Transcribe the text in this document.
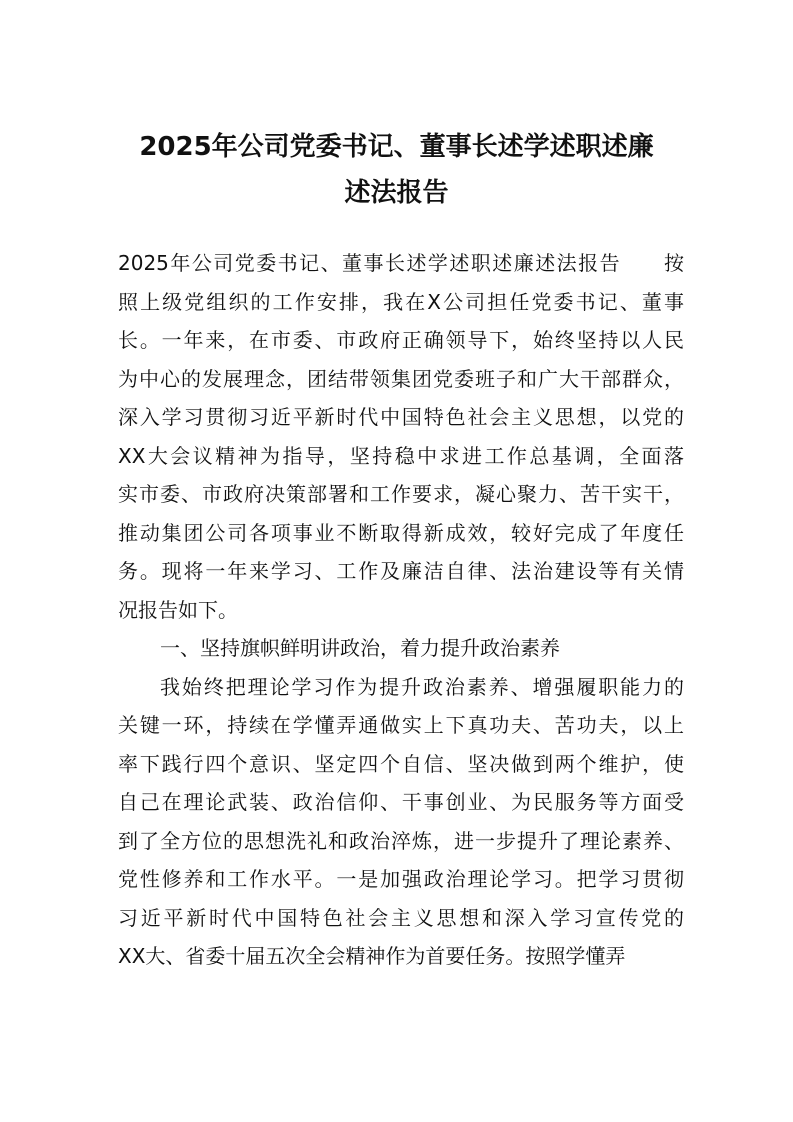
2025年公司党委书记、董事长述学述职述廉
述法报告
2025年公司党委书记、董事长述学述职述廉述法报告　　按
照上级党组织的工作安排，我在X公司担任党委书记、董事
长。一年来，在市委、市政府正确领导下，始终坚持以人民
为中心的发展理念，团结带领集团党委班子和广大干部群众，
深入学习贯彻习近平新时代中国特色社会主义思想，以党的
XX大会议精神为指导，坚持稳中求进工作总基调，全面落
实市委、市政府决策部署和工作要求，凝心聚力、苦干实干，
推动集团公司各项事业不断取得新成效，较好完成了年度任
务。现将一年来学习、工作及廉洁自律、法治建设等有关情
况报告如下。
一、坚持旗帜鲜明讲政治，着力提升政治素养
我始终把理论学习作为提升政治素养、增强履职能力的
关键一环，持续在学懂弄通做实上下真功夫、苦功夫，以上
率下践行四个意识、坚定四个自信、坚决做到两个维护，使
自己在理论武装、政治信仰、干事创业、为民服务等方面受
到了全方位的思想洗礼和政治淬炼，进一步提升了理论素养、
党性修养和工作水平。一是加强政治理论学习。把学习贯彻
习近平新时代中国特色社会主义思想和深入学习宣传党的
XX大、省委十届五次全会精神作为首要任务。按照学懂弄
